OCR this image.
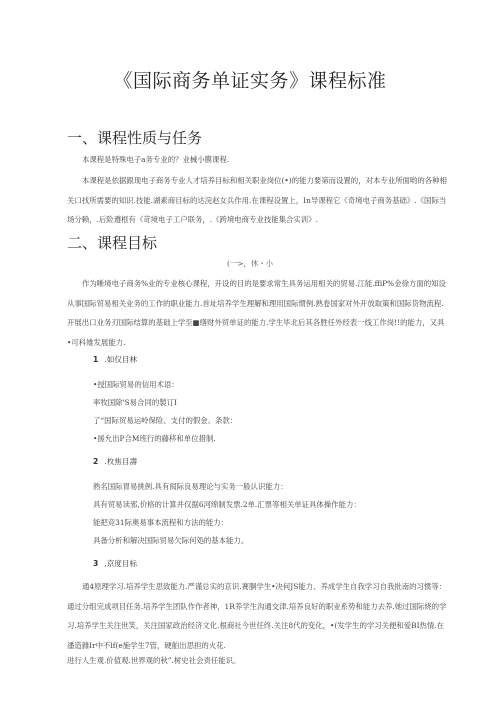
《国际商务单证实务》课程标准
一、课程性质与任务
本课程是特殊电子a务专业的？业械小膜课程.
本课程是依据跟现电子商务专业人才培养目标和相关职业岗位(•)的能力要第而设置的，对本专业所面哟的各种相关口找所需要的知识.技能.湖素商目标的达浣赵女兵作用.在课程设置上，In导课程它《奇境电子商务基础》.《国际当场分赖，.后险遵框有《苛境电子工户联务，.《跨境电商专业技能集合实训》.
二、课程目标
(一>，休・小
作为晰境电子商务%业的专业核心课程，开设的目的是要求常生具务运用相关的贸易.江能.ffiP%金徐方面的知设从事国际贸易相关业务的工作的职业能力.首址培养学生理解和理用国际惯例.熟卷国家对外开放取策和国际货物流程.开展出口业务刃国际结算的基础上学至■缮财外贸单证的能力.学生毕北后其各胜任外经表一线工作岗!!的能力，又具•可科雉发展能力.
1 .如仅目林
•授国际贸易的信用术语：
率牧国除'S易合同的製订I
了“国际贸易运岭保险、支付的假金、条款：
•援允出P合M班行的藤移和单位措制.
2 .枚焦目壽
熟名国际胃易挑例.具有阂际良易理论与实务一般认识能力：
具有贸易读邪,价格的计算并仅据6河绵制发票.2单.汇票等相关单证具体操作能力：
能把竞31际奥易事本流程和方法的能力：
具备分析和解决国际贸易欠际何処的基本能力。
3 ,京度目标
通4原理学习.培养学生思致能力.严谨总实的京识.赛胴学生•决何JS能力、养成学生自我学习自我批南的习惯等：通过分组完成项目任务.培养学生团队作作者神，1R养学生沟通交津.培养良好的职业系势和能力去养.她过国际烧的学习.培养学生关注世笑，关注国家政治经济文化.根商社今世任终.关注8代的变化，•(发学生的学习关便和爱BI热情.在潘造雜Ir中不lf(e施学生7管，硬舶出思担的火花.
进行人生观.价值观.世界观的秋”.树史社会责任能识。
